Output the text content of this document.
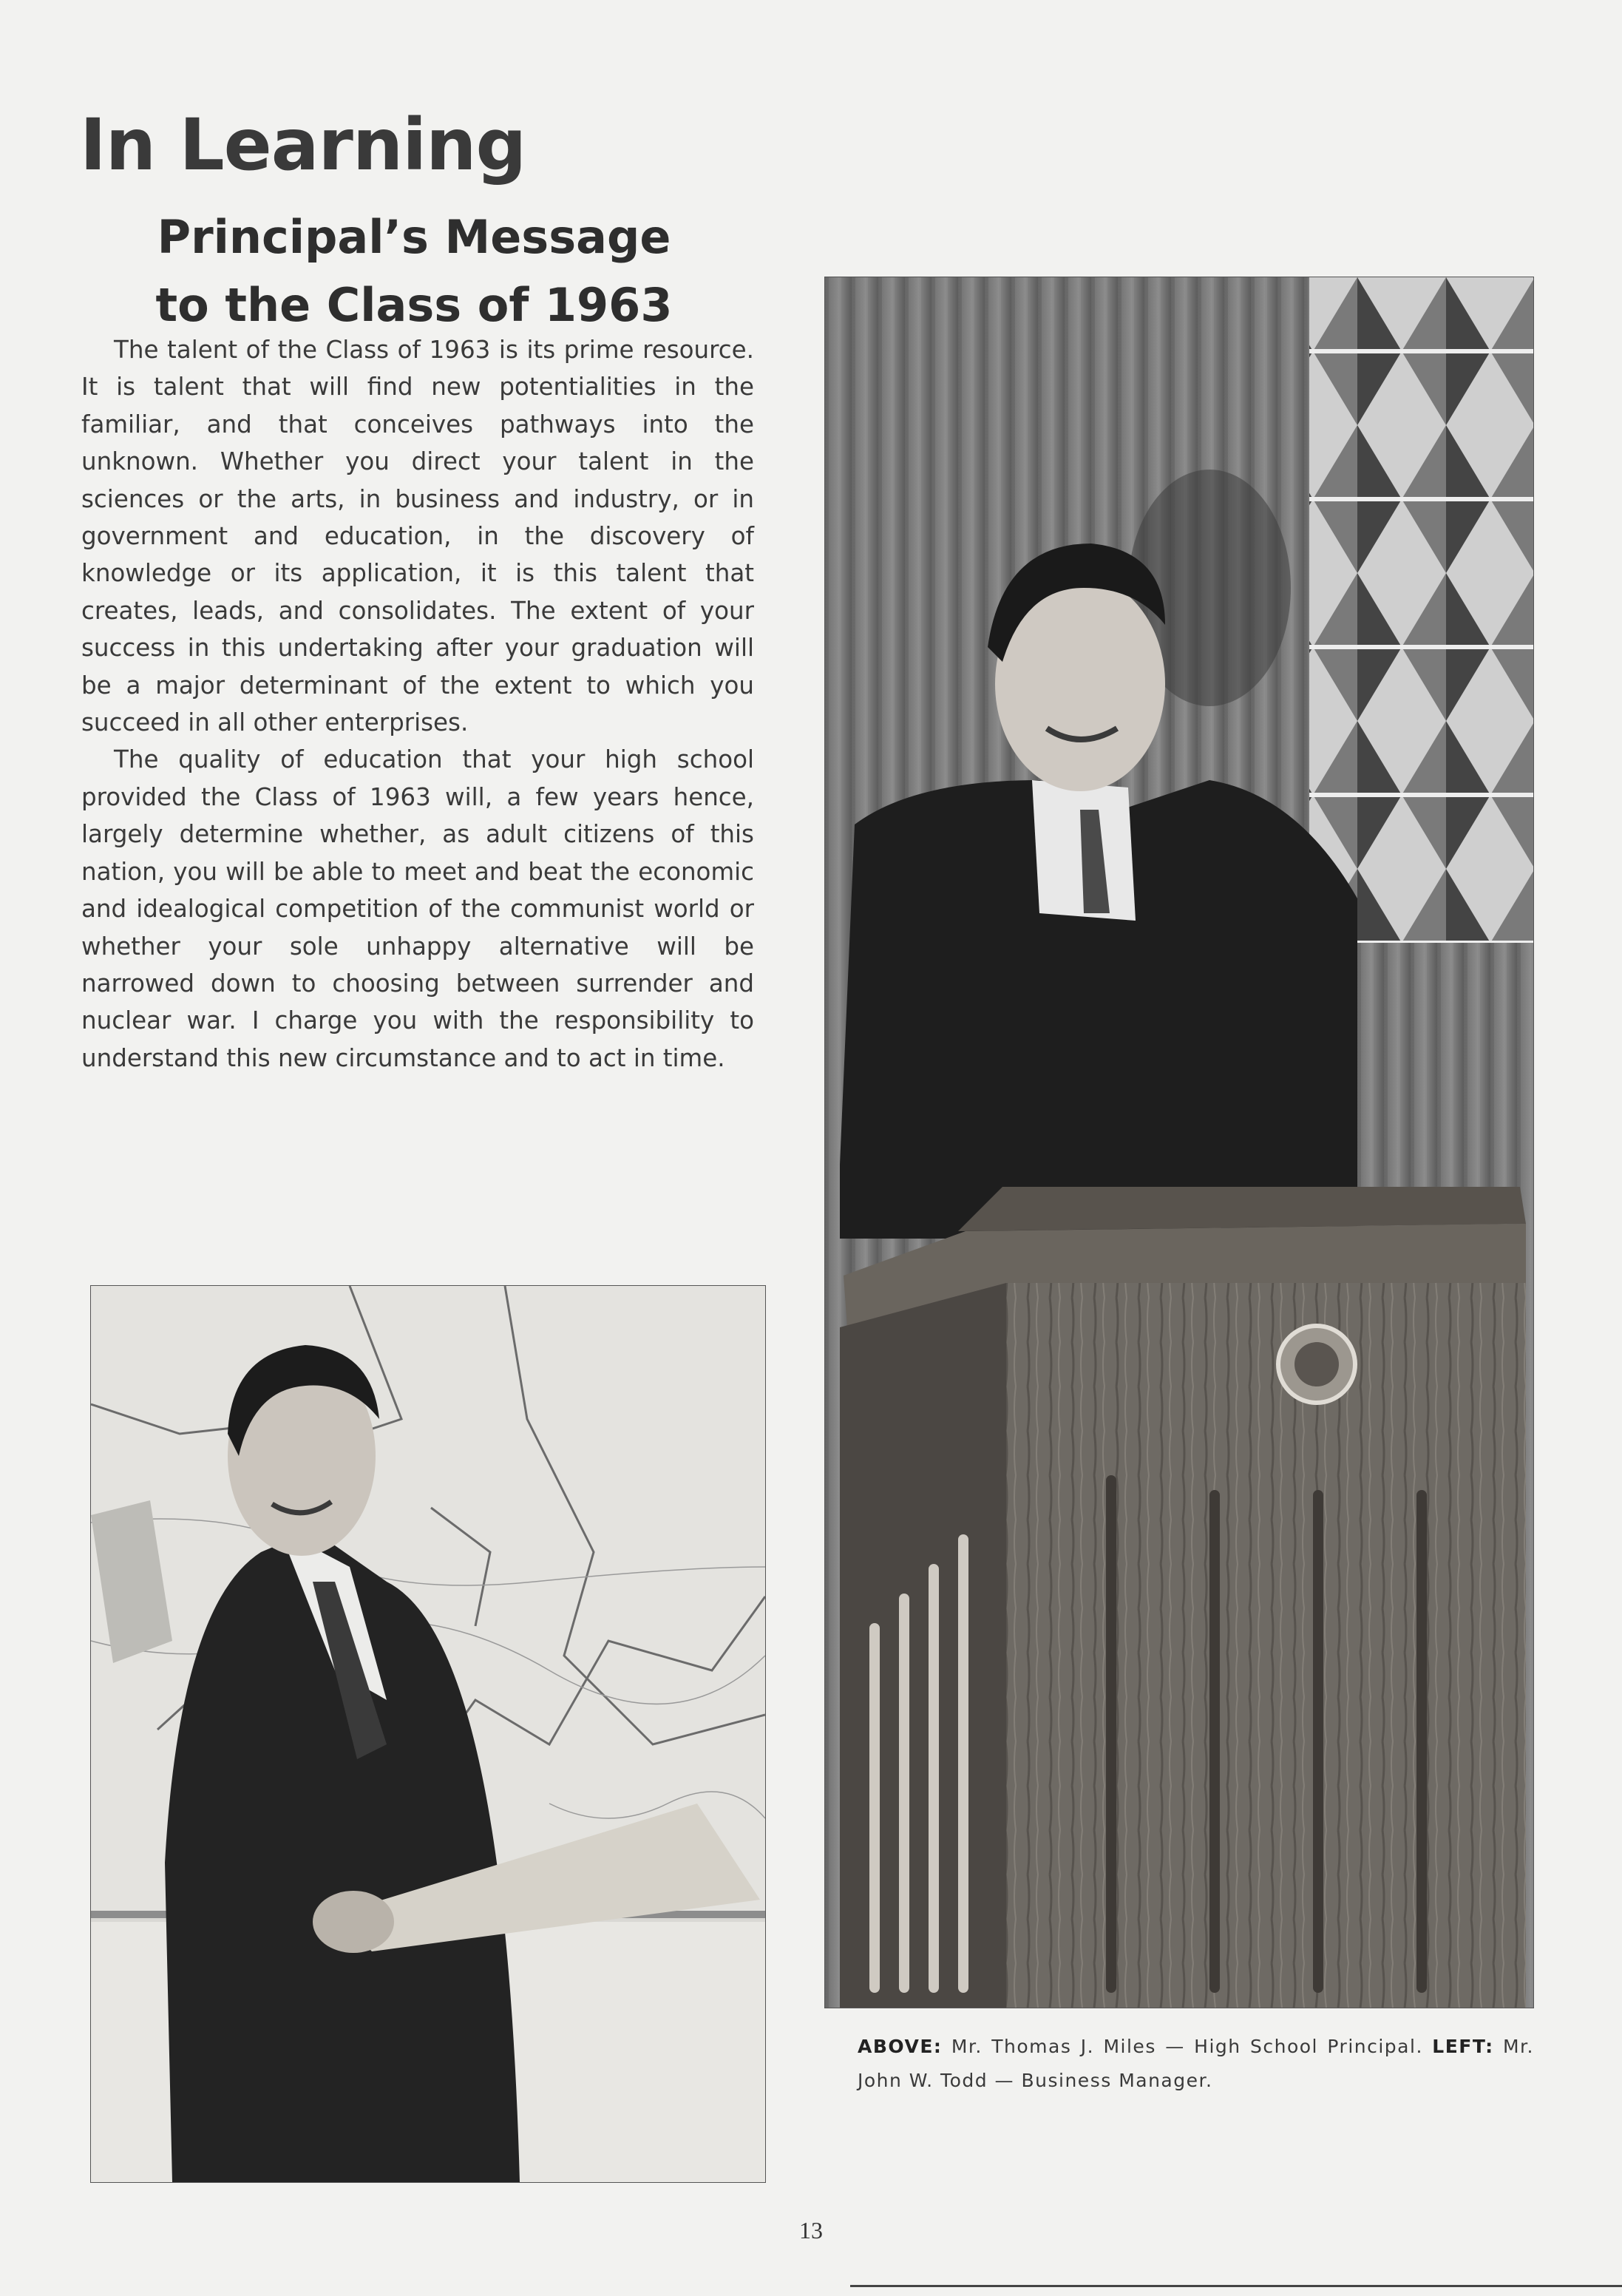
In Learning
Principal’s Message
to the Class of 1963

The talent of the Class of 1963 is its prime resource. It is talent that will find new potentialities in the familiar, and that conceives pathways into the unknown. Whether you direct your talent in the sciences or the arts, in business and industry, or in government and education, in the discovery of knowledge or its application, it is this talent that creates, leads, and consolidates. The extent of your success in this undertaking after your graduation will be a major determinant of the extent to which you succeed in all other enterprises.

The quality of education that your high school provided the Class of 1963 will, a few years hence, largely determine whether, as adult citizens of this nation, you will be able to meet and beat the economic and idealogical competition of the communist world or whether your sole unhappy alternative will be narrowed down to choosing between surrender and nuclear war. I charge you with the responsibility to understand this new circumstance and to act in time.

ABOVE: Mr. Thomas J. Miles — High School Principal. LEFT: Mr. John W. Todd — Business Manager.
13
